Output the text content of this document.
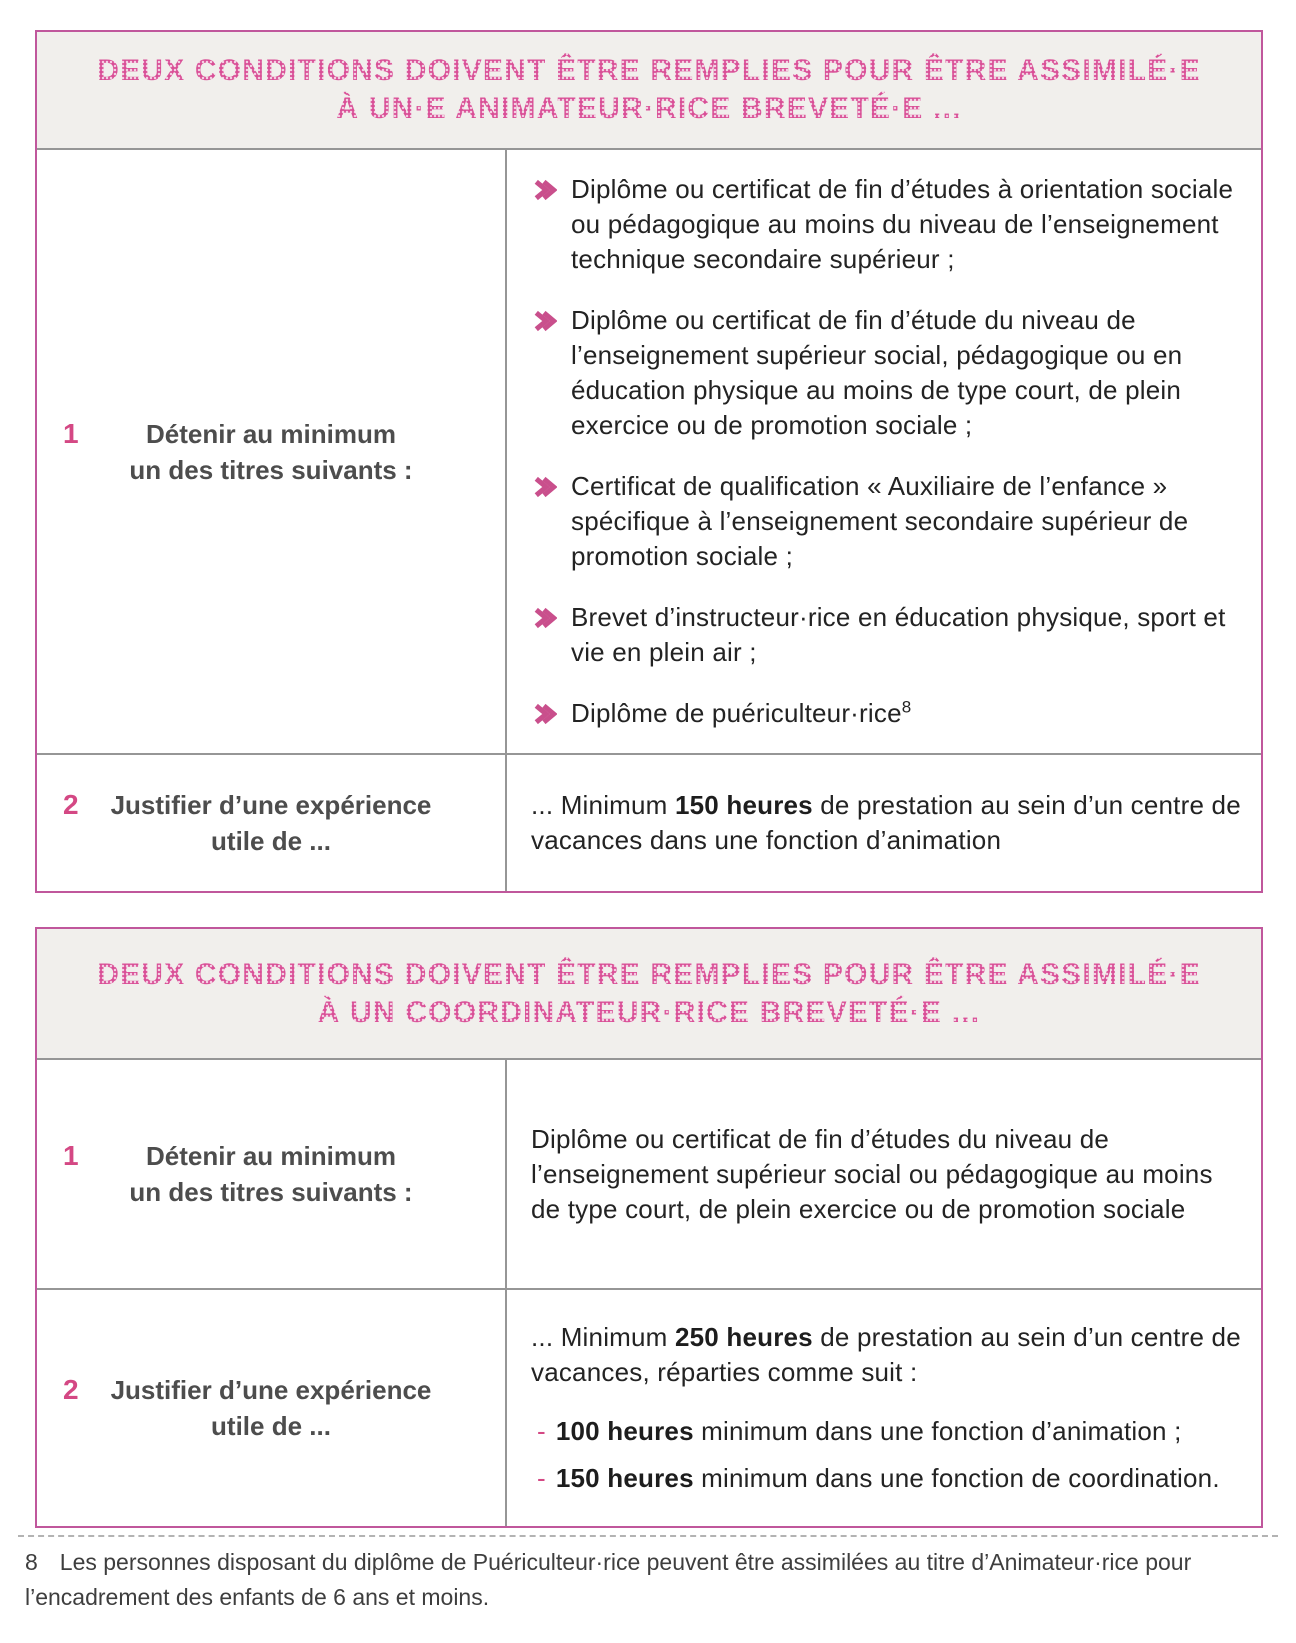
DEUX CONDITIONS DOIVENT ÊTRE REMPLIES POUR ÊTRE ASSIMILÉ·E
À UN·E ANIMATEUR·RICE BREVETÉ·E ...
1	Détenir au minimum
un des titres suivants :
Diplôme ou certificat de fin d’études à orientation sociale ou pédagogique au moins du niveau de l’enseignement technique secondaire supérieur ;
Diplôme ou certificat de fin d’étude du niveau de l’enseignement supérieur social, pédagogique ou en éducation physique au moins de type court, de plein exercice ou de promotion sociale ;
Certificat de qualification « Auxiliaire de l’enfance » spécifique à l’enseignement secondaire supérieur de promotion sociale ;
Brevet d’instructeur·rice en éducation physique, sport et vie en plein air ;
Diplôme de puériculteur·rice$^8$
2	Justifier d’une expérience
utile de ...
... Minimum 150 heures de prestation au sein d’un centre de vacances dans une fonction d’animation
DEUX CONDITIONS DOIVENT ÊTRE REMPLIES POUR ÊTRE ASSIMILÉ·E
À UN COORDINATEUR·RICE BREVETÉ·E ...
1	Détenir au minimum
un des titres suivants :
Diplôme ou certificat de fin d’études du niveau de l’enseignement supérieur social ou pédagogique au moins de type court, de plein exercice ou de promotion sociale
2	Justifier d’une expérience
utile de ...
... Minimum 250 heures de prestation au sein d’un centre de vacances, réparties comme suit :
- 100 heures minimum dans une fonction d’animation ;
- 150 heures minimum dans une fonction de coordination.
8 Les personnes disposant du diplôme de Puériculteur·rice peuvent être assimilées au titre d’Animateur·rice pour l’encadrement des enfants de 6 ans et moins.
